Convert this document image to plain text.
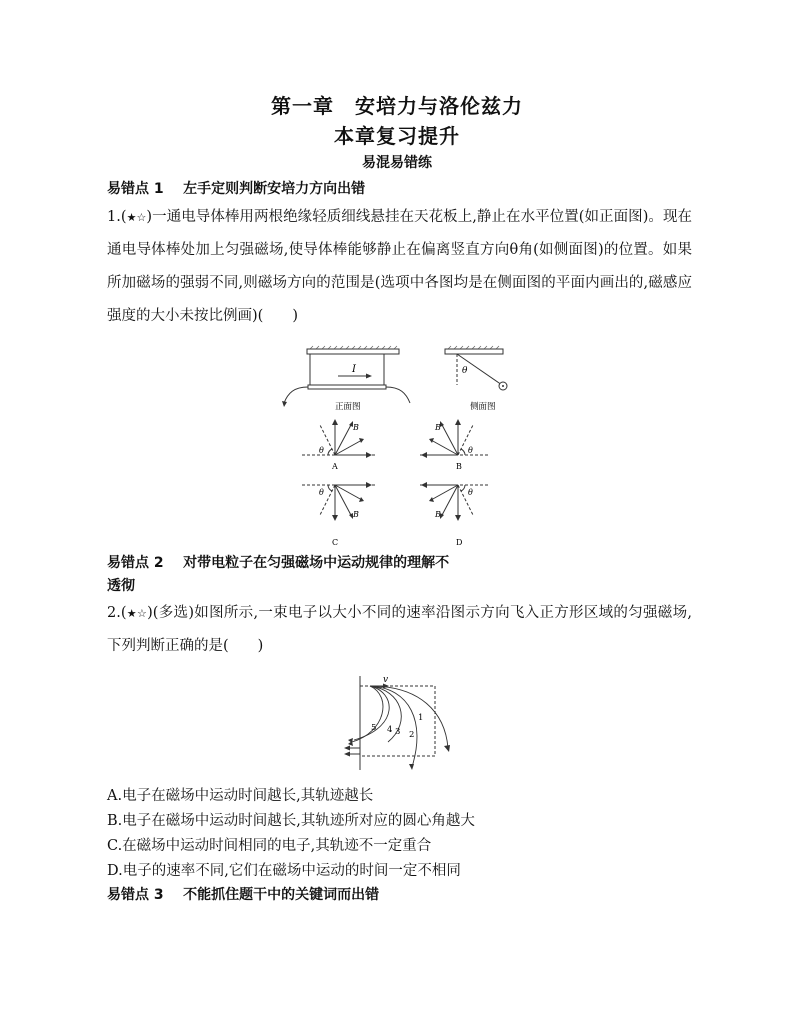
第一章　安培力与洛伦兹力
本章复习提升
易混易错练
易错点 1 左手定则判断安培力方向出错
1.(★☆)一通电导体棒用两根绝缘轻质细线悬挂在天花板上,静止在水平位置(如正面图)。现在通电导体棒处加上匀强磁场,使导体棒能够静止在偏离竖直方向θ角(如侧面图)的位置。如果所加磁场的强弱不同,则磁场方向的范围是(选项中各图均是在侧面图的平面内画出的,磁感应强度的大小未按比例画)(　　)
I
正面图
θ
侧面图
θ
B
A
θ
B
B
θ
B
C
θ
B
D
易错点 2 对带电粒子在匀强磁场中运动规律的理解不
透彻
2.(★☆)(多选)如图所示,一束电子以大小不同的速率沿图示方向飞入正方形区域的匀强磁场,下列判断正确的是(　　)
v
1
2
3
4
5
A.电子在磁场中运动时间越长,其轨迹越长
B.电子在磁场中运动时间越长,其轨迹所对应的圆心角越大
C.在磁场中运动时间相同的电子,其轨迹不一定重合
D.电子的速率不同,它们在磁场中运动的时间一定不相同
易错点 3 不能抓住题干中的关键词而出错
